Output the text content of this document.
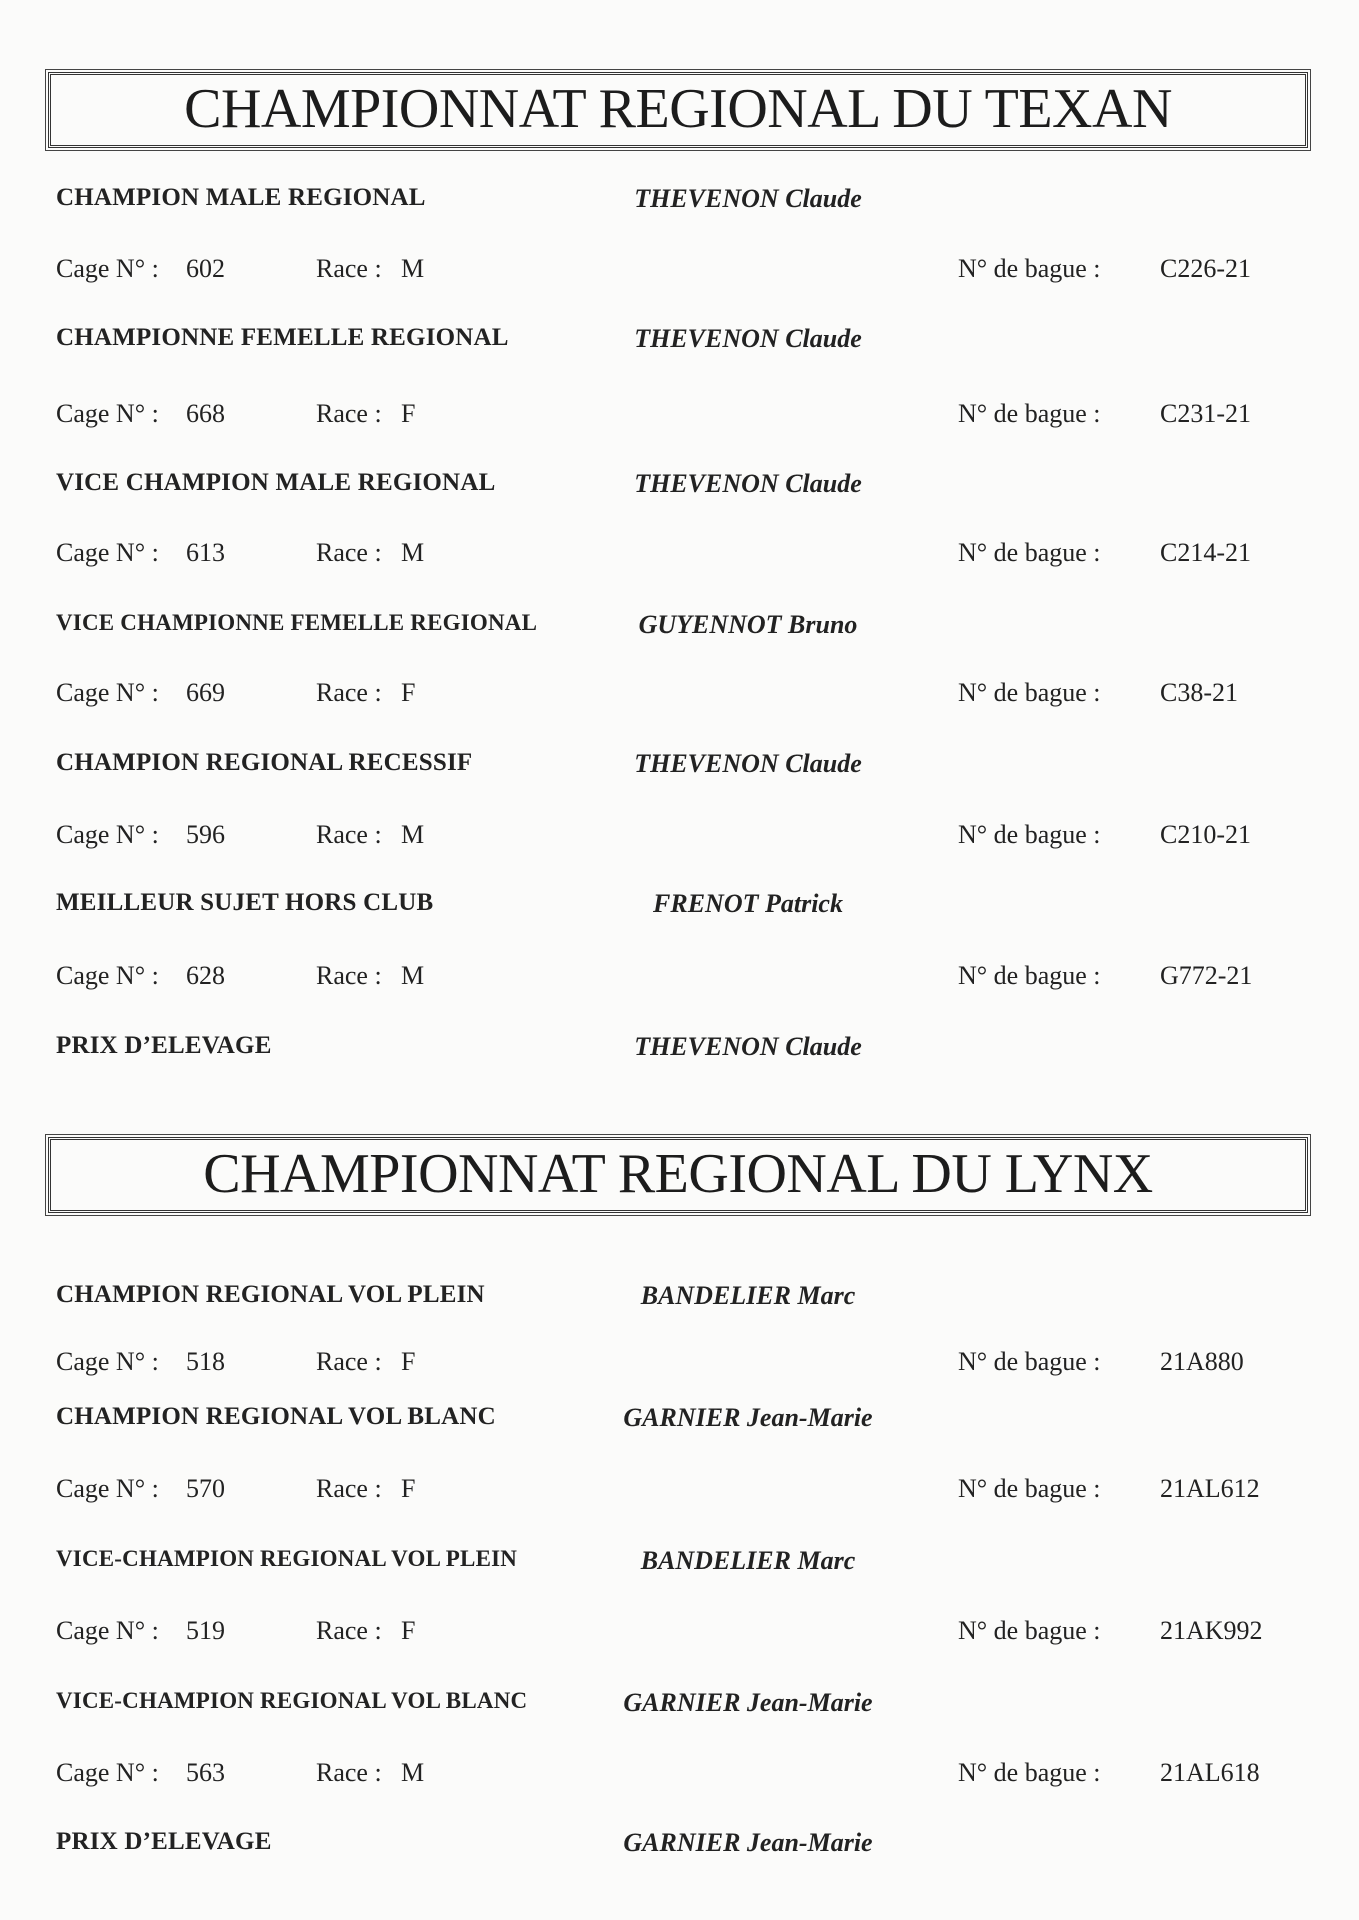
CHAMPIONNAT REGIONAL DU TEXAN
CHAMPION MALE REGIONAL	THEVENON Claude
Cage N° : 602	Race : M	N° de bague : C226-21
CHAMPIONNE FEMELLE REGIONAL	THEVENON Claude
Cage N° : 668	Race : F	N° de bague : C231-21
VICE CHAMPION MALE REGIONAL	THEVENON Claude
Cage N° : 613	Race : M	N° de bague : C214-21
VICE CHAMPIONNE FEMELLE REGIONAL	GUYENNOT Bruno
Cage N° : 669	Race : F	N° de bague : C38-21
CHAMPION REGIONAL RECESSIF	THEVENON Claude
Cage N° : 596	Race : M	N° de bague : C210-21
MEILLEUR SUJET HORS CLUB	FRENOT Patrick
Cage N° : 628	Race : M	N° de bague : G772-21
PRIX D’ELEVAGE	THEVENON Claude
CHAMPIONNAT REGIONAL DU LYNX
CHAMPION REGIONAL VOL PLEIN	BANDELIER Marc
Cage N° : 518	Race : F	N° de bague : 21A880
CHAMPION REGIONAL VOL BLANC	GARNIER Jean-Marie
Cage N° : 570	Race : F	N° de bague : 21AL612
VICE-CHAMPION REGIONAL VOL PLEIN	BANDELIER Marc
Cage N° : 519	Race : F	N° de bague : 21AK992
VICE-CHAMPION REGIONAL VOL BLANC	GARNIER Jean-Marie
Cage N° : 563	Race : M	N° de bague : 21AL618
PRIX D’ELEVAGE	GARNIER Jean-Marie
